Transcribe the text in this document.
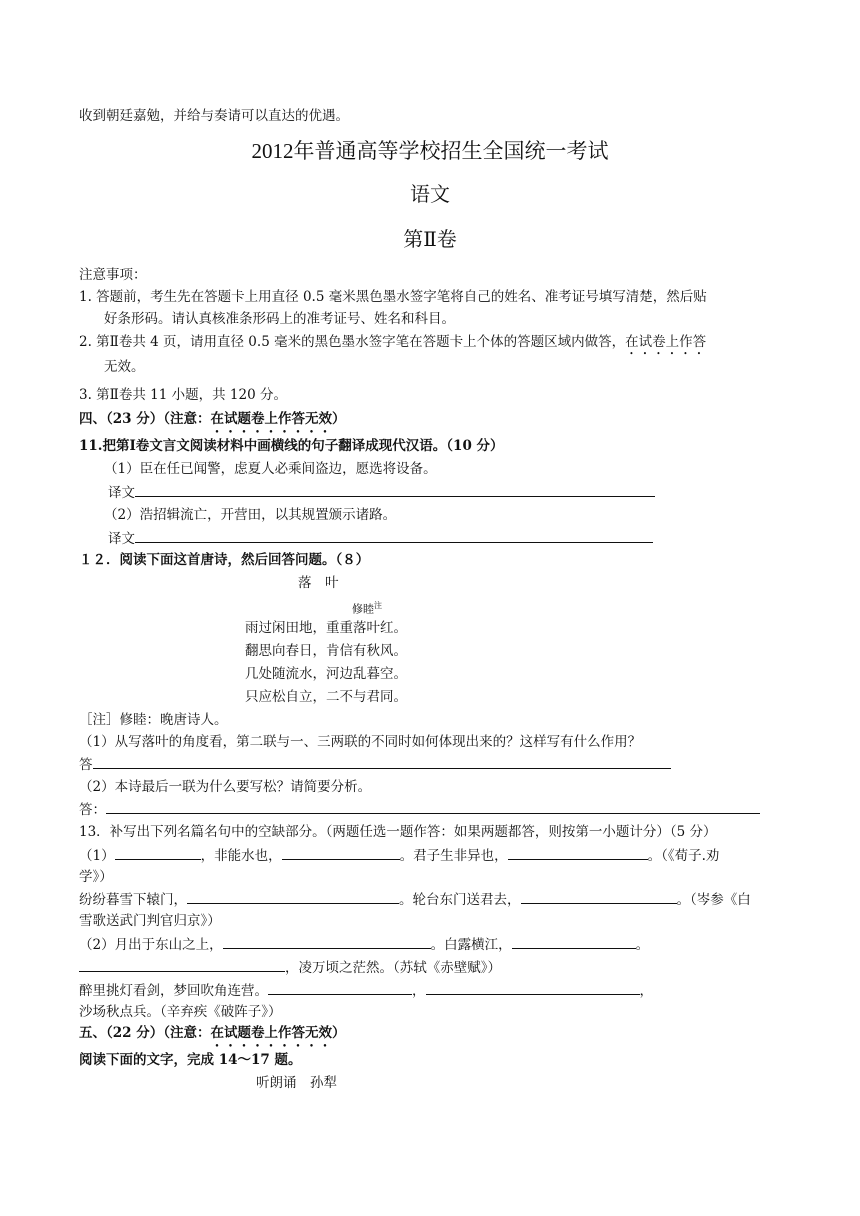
收到朝廷嘉勉，并给与奏请可以直达的优遇。
2012年普通高等学校招生全国统一考试
语文
第Ⅱ卷
注意事项：
1. 答题前，考生先在答题卡上用直径 0.5 毫米黑色墨水签字笔将自己的姓名、准考证号填写清楚，然后贴
好条形码。请认真核准条形码上的准考证号、姓名和科目。
2. 第Ⅱ卷共 4 页，请用直径 0.5 毫米的黑色墨水签字笔在答题卡上个体的答题区域内做答，在试卷上作答
无效。
3. 第Ⅱ卷共 11 小题，共 120 分。
四、（23 分）（注意：在试题卷上作答无效）
11.把第Ⅰ卷文言文阅读材料中画横线的句子翻译成现代汉语。（10 分）
（1）臣在任已闻警，虑夏人必乘间盗边，愿选将设备。
译文
（2）浩招辑流亡，开营田，以其规置颁示诸路。
译文
１２．阅读下面这首唐诗，然后回答问题。（８）
落　叶
修睦$^注$
雨过闲田地，重重落叶红。
翻思向春日，肯信有秋风。
几处随流水，河边乱暮空。
只应松自立，二不与君同。
［注］修睦：晚唐诗人。
（1）从写落叶的角度看，第二联与一、三两联的不同时如何体现出来的？这样写有什么作用？
答
（2）本诗最后一联为什么要写松？请简要分析。
答：
13．补写出下列名篇名句中的空缺部分。（两题任选一题作答：如果两题都答，则按第一小题计分）（5 分）
（1）	，非能水也，	。君子生非异也，	。（《荀子.劝
学》）
纷纷暮雪下辕门，	。轮台东门送君去，	。（岑参《白
雪歌送武门判官归京》）
（2）月出于东山之上，	。白露横江，	。
，凌万顷之茫然。（苏轼《赤壁赋》）
醉里挑灯看剑，梦回吹角连营。	，	，
沙场秋点兵。（辛弃疾《破阵子》）
五、（22 分）（注意：在试题卷上作答无效）
阅读下面的文字，完成 14～17 题。
听朗诵　孙犁
